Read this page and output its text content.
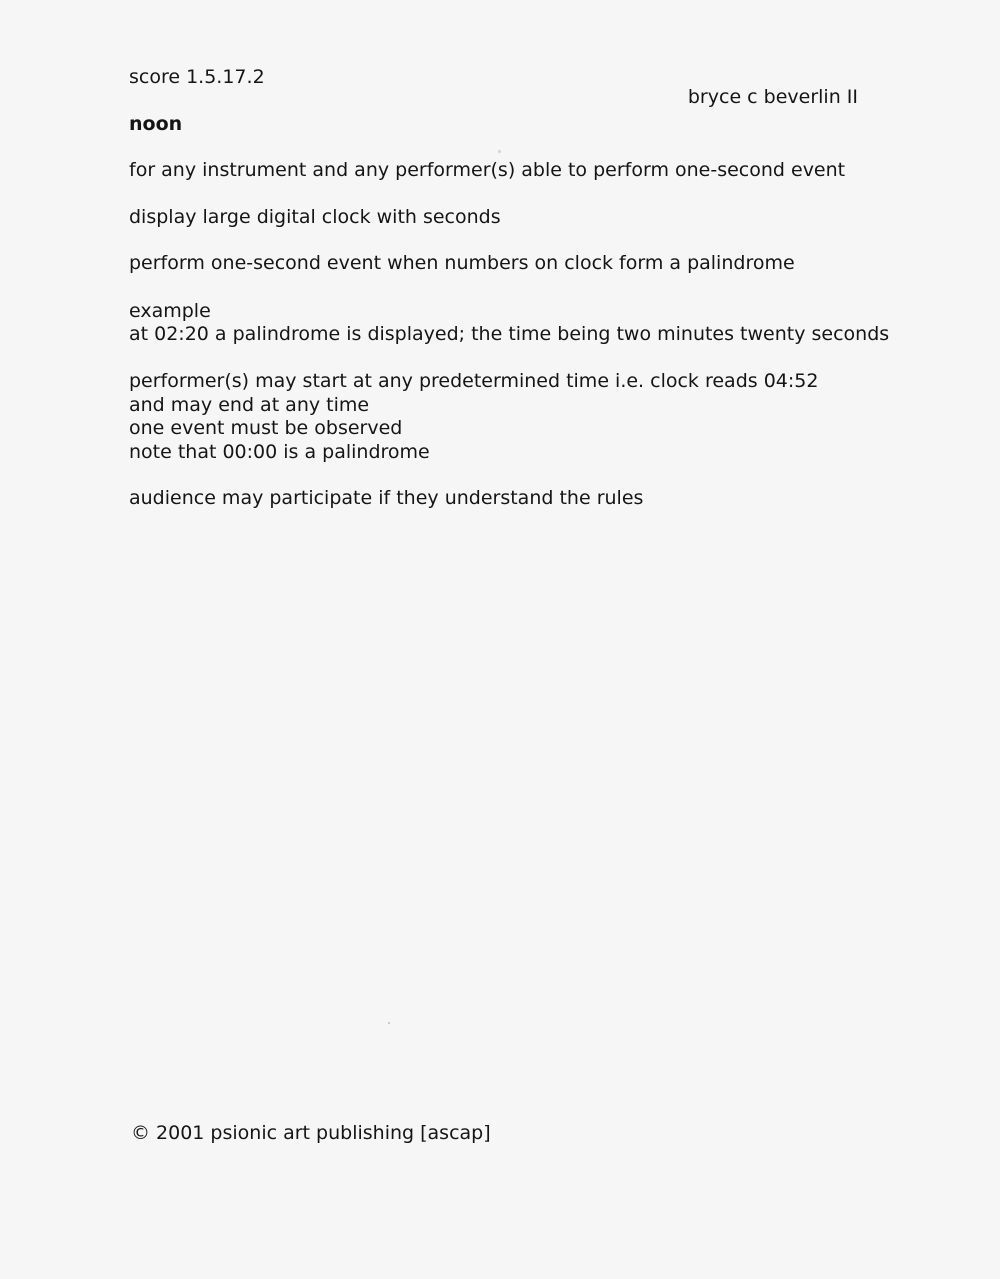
score 1.5.17.2
bryce c beverlin II
noon
for any instrument and any performer(s) able to perform one-second event
display large digital clock with seconds
perform one-second event when numbers on clock form a palindrome
example
at 02:20 a palindrome is displayed; the time being two minutes twenty seconds
performer(s) may start at any predetermined time i.e. clock reads 04:52
and may end at any time
one event must be observed
note that 00:00 is a palindrome
audience may participate if they understand the rules
© 2001 psionic art publishing [ascap]
